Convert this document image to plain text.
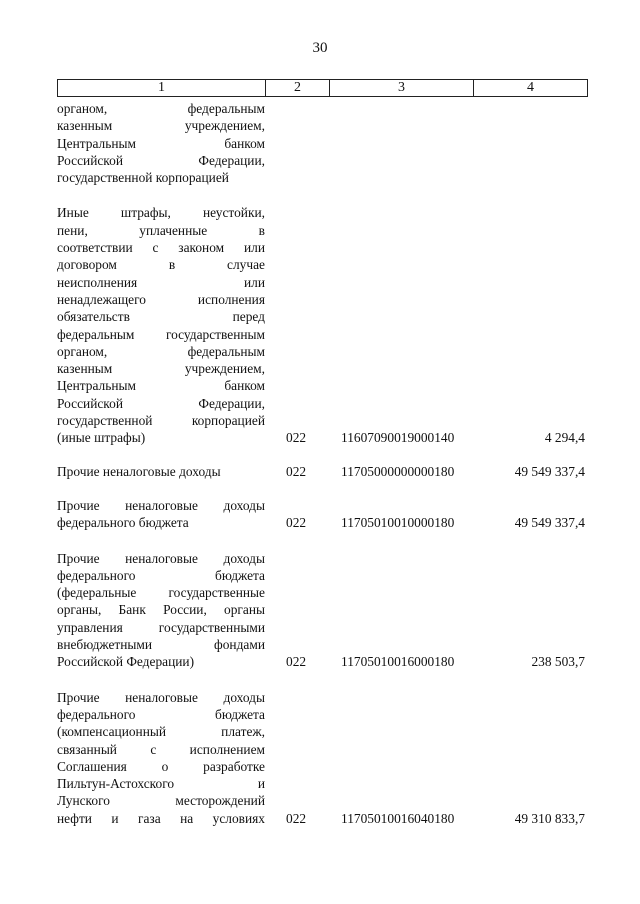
30
1	2	3	4
органом, федеральным
казенным учреждением,
Центральным банком
Российской Федерации,
государственной корпорацией
Иные штрафы, неустойки,
пени, уплаченные в
соответствии с законом или
договором в случае
неисполнения или
ненадлежащего исполнения
обязательств перед
федеральным государственным
органом, федеральным
казенным учреждением,
Центральным банком
Российской Федерации,
государственной корпорацией
(иные штрафы)	022	11607090019000140	4 294,4
Прочие неналоговые доходы	022	11705000000000180	49 549 337,4
Прочие неналоговые доходы
федерального бюджета	022	11705010010000180	49 549 337,4
Прочие неналоговые доходы
федерального бюджета
(федеральные государственные
органы, Банк России, органы
управления государственными
внебюджетными фондами
Российской Федерации)	022	11705010016000180	238 503,7
Прочие неналоговые доходы
федерального бюджета
(компенсационный платеж,
связанный с исполнением
Соглашения о разработке
Пильтун-Астохского и
Лунского месторождений
нефти и газа на условиях 022	11705010016040180	49 310 833,7
